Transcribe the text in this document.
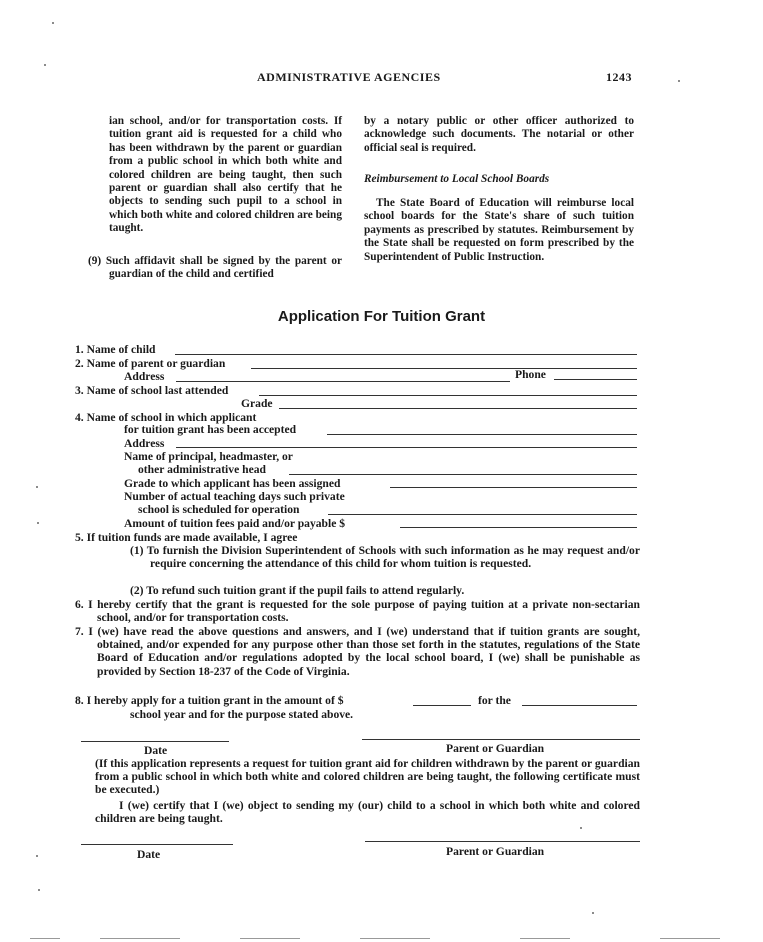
ADMINISTRATIVE AGENCIES	1243

ian school, and/or for transportation costs. If tuition grant aid is requested for a child who has been withdrawn by the parent or guardian from a public school in which both white and colored children are being taught, then such parent or guardian shall also certify that he objects to sending such pupil to a school in which both white and colored children are being taught.

(9) Such affidavit shall be signed by the parent or guardian of the child and certified

by a notary public or other officer authorized to acknowledge such documents. The notarial or other official seal is required.

Reimbursement to Local School Boards

The State Board of Education will reimburse local school boards for the State's share of such tuition payments as prescribed by statutes. Reimbursement by the State shall be requested on form prescribed by the Superintendent of Public Instruction.

Application For Tuition Grant
1. Name of child
2. Name of parent or guardian
Address	Phone
3. Name of school last attended
Grade
4. Name of school in which applicant
for tuition grant has been accepted
Address
Name of principal, headmaster, or
other administrative head
Grade to which applicant has been assigned
Number of actual teaching days such private
school is scheduled for operation
Amount of tuition fees paid and/or payable $
5. If tuition funds are made available, I agree
(1) To furnish the Division Superintendent of Schools with such information as he may request and/or require concerning the attendance of this child for whom tuition is requested.
(2) To refund such tuition grant if the pupil fails to attend regularly.
6. I hereby certify that the grant is requested for the sole purpose of paying tuition at a private non-sectarian school, and/or for transportation costs.
7. I (we) have read the above questions and answers, and I (we) understand that if tuition grants are sought, obtained, and/or expended for any purpose other than those set forth in the statutes, regulations of the State Board of Education and/or regulations adopted by the local school board, I (we) shall be punishable as provided by Section 18-237 of the Code of Virginia.
8. I hereby apply for a tuition grant in the amount of $	for the
school year and for the purpose stated above.
Date	Parent or Guardian

(If this application represents a request for tuition grant aid for children withdrawn by the parent or guardian from a public school in which both white and colored children are being taught, the following certificate must be executed.)

I (we) certify that I (we) object to sending my (our) child to a school in which both white and colored children are being taught.

Date	Parent or Guardian
